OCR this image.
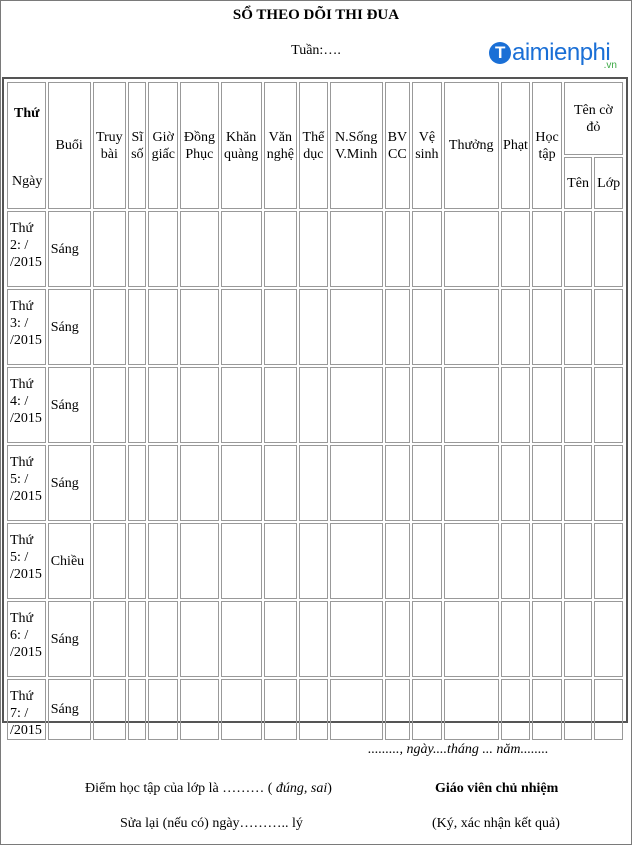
SỔ THEO DÕI THI ĐUA
Tuần:….	T aimienphi
.vn
Thứ
Ngày	Buổi	Truy bài	Sĩ số	Giờ giấc	Đồng Phục	Khăn quàng	Văn nghệ	Thể dục	N.Sống V.Minh	BV CC	Vệ sinh	Thưởng	Phạt	Học tập	Tên cờ đỏ	
															Tên	Lớp
Thứ 2: / /2015	Sáng															
Thứ 3: / /2015	Sáng															
Thứ 4: / /2015	Sáng															
Thứ 5: / /2015	Sáng															
Thứ 5: / /2015	Chiều															
Thứ 6: / /2015	Sáng															
Thứ 7: / /2015	Sáng															
........., ngày....tháng ... năm........
Điểm học tập của lớp là ……… ( đúng, sai)
Sửa lại (nếu có) ngày……….. lý
Giáo viên chủ nhiệm
(Ký, xác nhận kết quả)
